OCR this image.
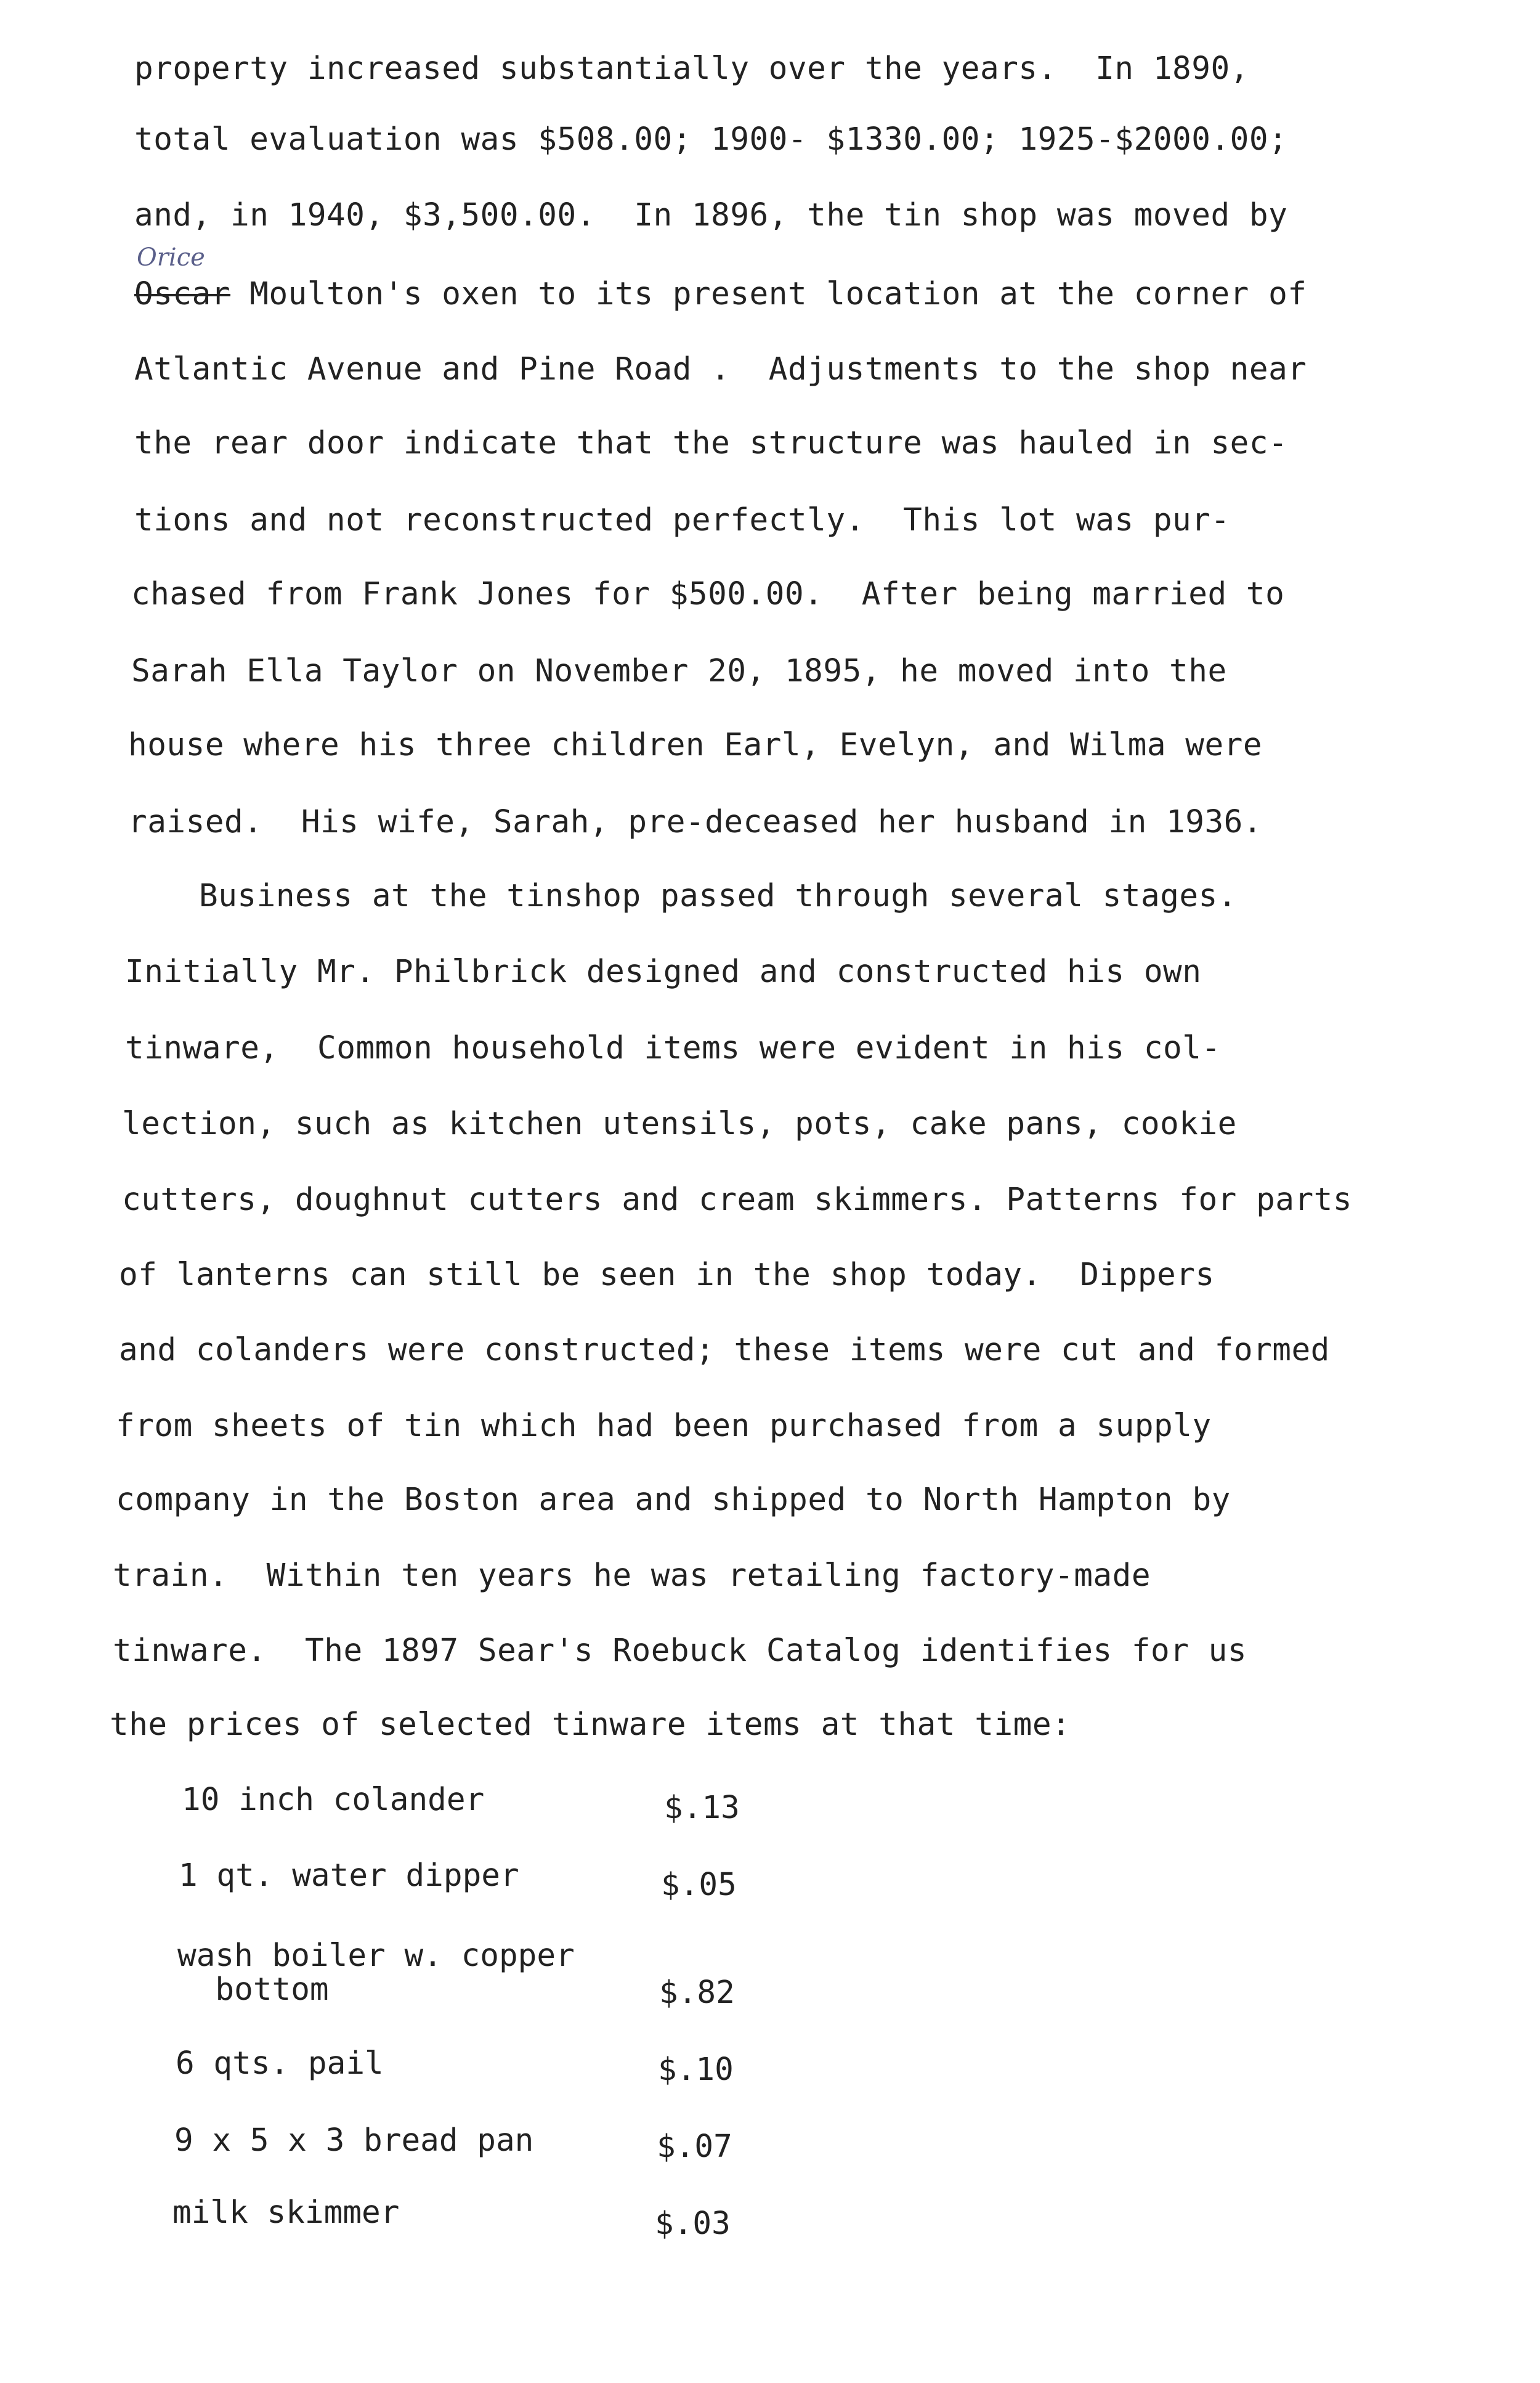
property increased substantially over the years.  In 1890,
total evaluation was $508.00; 1900- $1330.00; 1925-$2000.00;
and, in 1940, $3,500.00.  In 1896, the tin shop was moved by
Orice
Oscar Moulton's oxen to its present location at the corner of
Atlantic Avenue and Pine Road .  Adjustments to the shop near
the rear door indicate that the structure was hauled in sec-
tions and not reconstructed perfectly.  This lot was pur-
chased from Frank Jones for $500.00.  After being married to
Sarah Ella Taylor on November 20, 1895, he moved into the
house where his three children Earl, Evelyn, and Wilma were
raised.  His wife, Sarah, pre-deceased her husband in 1936.
Business at the tinshop passed through several stages.
Initially Mr. Philbrick designed and constructed his own
tinware,  Common household items were evident in his col-
lection, such as kitchen utensils, pots, cake pans, cookie
cutters, doughnut cutters and cream skimmers. Patterns for parts
of lanterns can still be seen in the shop today.  Dippers
and colanders were constructed; these items were cut and formed
from sheets of tin which had been purchased from a supply
company in the Boston area and shipped to North Hampton by
train.  Within ten years he was retailing factory-made
tinware.  The 1897 Sear's Roebuck Catalog identifies for us
the prices of selected tinware items at that time:
10 inch colander	$.13
1 qt. water dipper	$.05
wash boiler w. copper
bottom	$.82
6 qts. pail	$.10
9 x 5 x 3 bread pan	$.07
milk skimmer	$.03
